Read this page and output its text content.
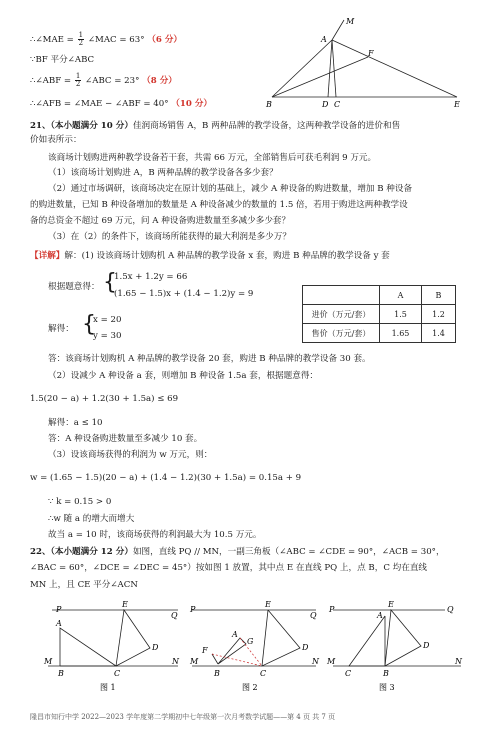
∴∠MAE = $\frac{1}{2}$ ∠MAC = 63° （6 分）
∵BF 平分∠ABC
∴∠ABF = $\frac{1}{2}$ ∠ABC = 23° （8 分）
∴∠AFB = ∠MAE − ∠ABF = 40° （10 分）
M
A
F
B	D C	E
21、（本小题满分 10 分）佳润商场销售 A，B 两种品牌的教学设备，这两种教学设备的进价和售
价如表所示：
该商场计划购进两种教学设备若干套，共需 66 万元，全部销售后可获毛利润 9 万元。
（1）该商场计划购进 A，B 两种品牌的教学设备各多少套？
（2）通过市场调研，该商场决定在原计划的基础上，减少 A 种设备的购进数量，增加 B 种设备
的购进数量，已知 B 种设备增加的数量是 A 种设备减少的数量的 1.5 倍，若用于购进这两种教学设
备的总资金不超过 69 万元，问 A 种设备购进数量至多减少多少套？
（3）在（2）的条件下，该商场所能获得的最大利润是多少万？
【详解】解：(1) 设该商场计划购机 A 种品牌的教学设备 x 套，购进 B 种品牌的教学设备 y 套
根据题意得： {
1.5x + 1.2y = 66
(1.65 − 1.5)x + (1.4 − 1.2)y = 9
解得： {
x = 20
y = 30
	A	B
进价（万元/套）	1.5	1.2
售价（万元/套）	1.65	1.4
答：该商场计划购机 A 种品牌的教学设备 20 套，购进 B 种品牌的教学设备 30 套。
（2）设减少 A 种设备 a 套，则增加 B 种设备 1.5a 套，根据题意得：
1.5(20 − a) + 1.2(30 + 1.5a) ≤ 69
解得：a ≤ 10
答：A 种设备购进数量至多减少 10 套。
（3）设该商场获得的利润为 w 万元，则：
w = (1.65 − 1.5)(20 − a) + (1.4 − 1.2)(30 + 1.5a) = 0.15a + 9
∵ k = 0.15 > 0
∴w 随 a 的增大而增大
故当 a = 10 时，该商场获得的利润最大为 10.5 万元。
22、（本小题满分 12 分）如图，直线 PQ // MN，一副三角板（∠ABC = ∠CDE = 90°，∠ACB = 30°，
∠BAC = 60°，∠DCE = ∠DEC = 45°）按如图 1 放置，其中点 E 在直线 PQ 上，点 B，C 均在直线
MN 上，且 CE 平分∠ACN
P
E
Q
A
D
M
B	C
N
图 1
P
E
Q
A
G
F	D
M
B	C
N
图 2
P
E
Q
A
D
M
C	B
N
图 3
隆昌市知行中学 2022—2023 学年度第二学期初中七年级第一次月考数学试题——第 4 页 共 7 页
